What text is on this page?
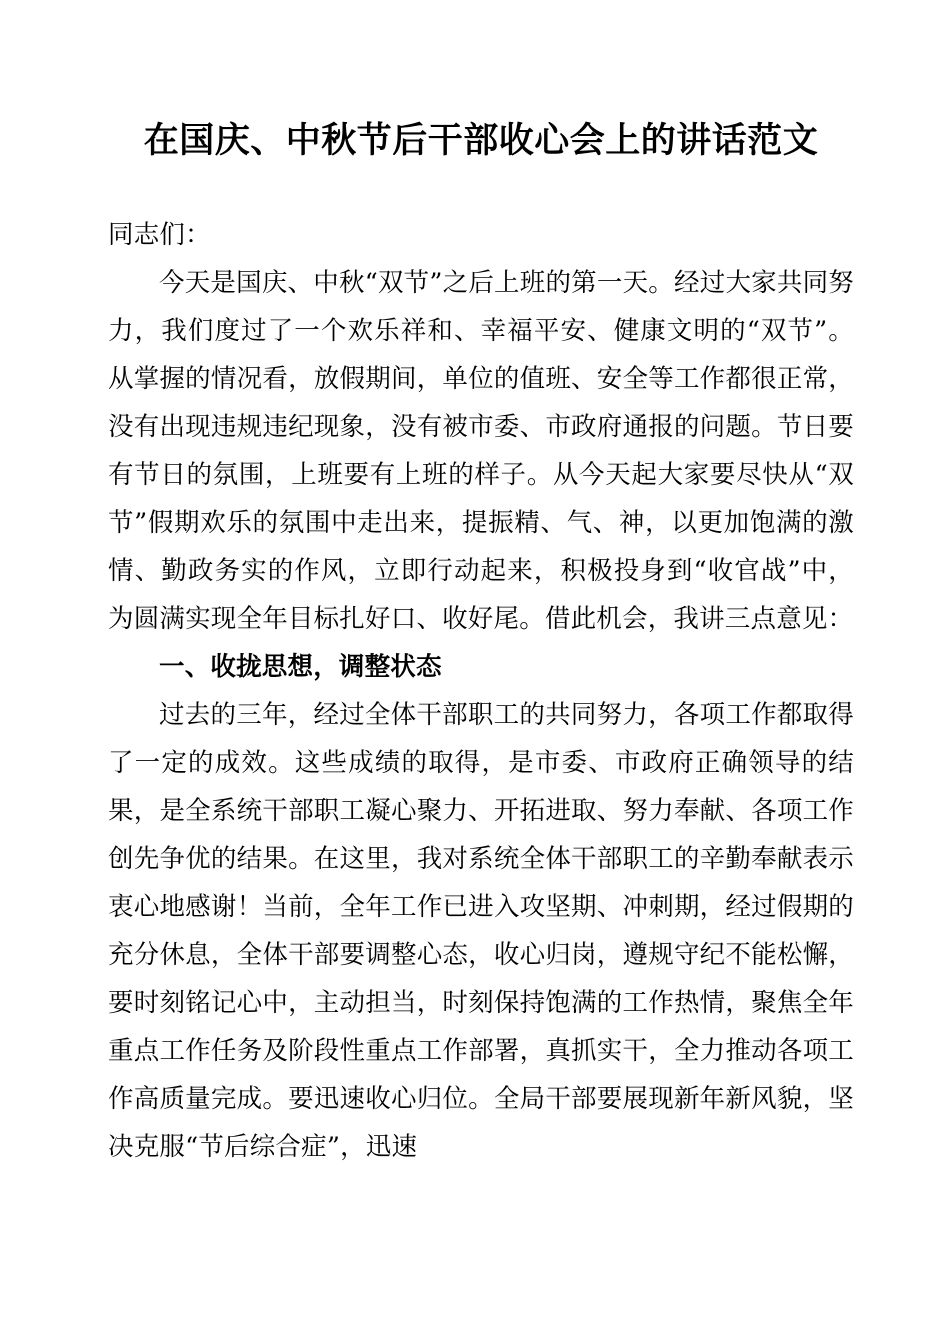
在国庆、中秋节后干部收心会上的讲话范文

同志们：

今天是国庆、中秋“双节”之后上班的第一天。经过大家共同努力，我们度过了一个欢乐祥和、幸福平安、健康文明的“双节”。从掌握的情况看，放假期间，单位的值班、安全等工作都很正常，没有出现违规违纪现象，没有被市委、市政府通报的问题。节日要有节日的氛围，上班要有上班的样子。从今天起大家要尽快从“双节”假期欢乐的氛围中走出来，提振精、气、神，以更加饱满的激情、勤政务实的作风，立即行动起来，积极投身到“收官战”中，为圆满实现全年目标扎好口、收好尾。借此机会，我讲三点意见：

一、收拢思想，调整状态

过去的三年，经过全体干部职工的共同努力，各项工作都取得了一定的成效。这些成绩的取得，是市委、市政府正确领导的结果，是全系统干部职工凝心聚力、开拓进取、努力奉献、各项工作创先争优的结果。在这里，我对系统全体干部职工的辛勤奉献表示衷心地感谢！当前，全年工作已进入攻坚期、冲刺期，经过假期的充分休息，全体干部要调整心态，收心归岗，遵规守纪不能松懈，要时刻铭记心中，主动担当，时刻保持饱满的工作热情，聚焦全年重点工作任务及阶段性重点工作部署，真抓实干，全力推动各项工作高质量完成。要迅速收心归位。全局干部要展现新年新风貌，坚决克服“节后综合症”，迅速
